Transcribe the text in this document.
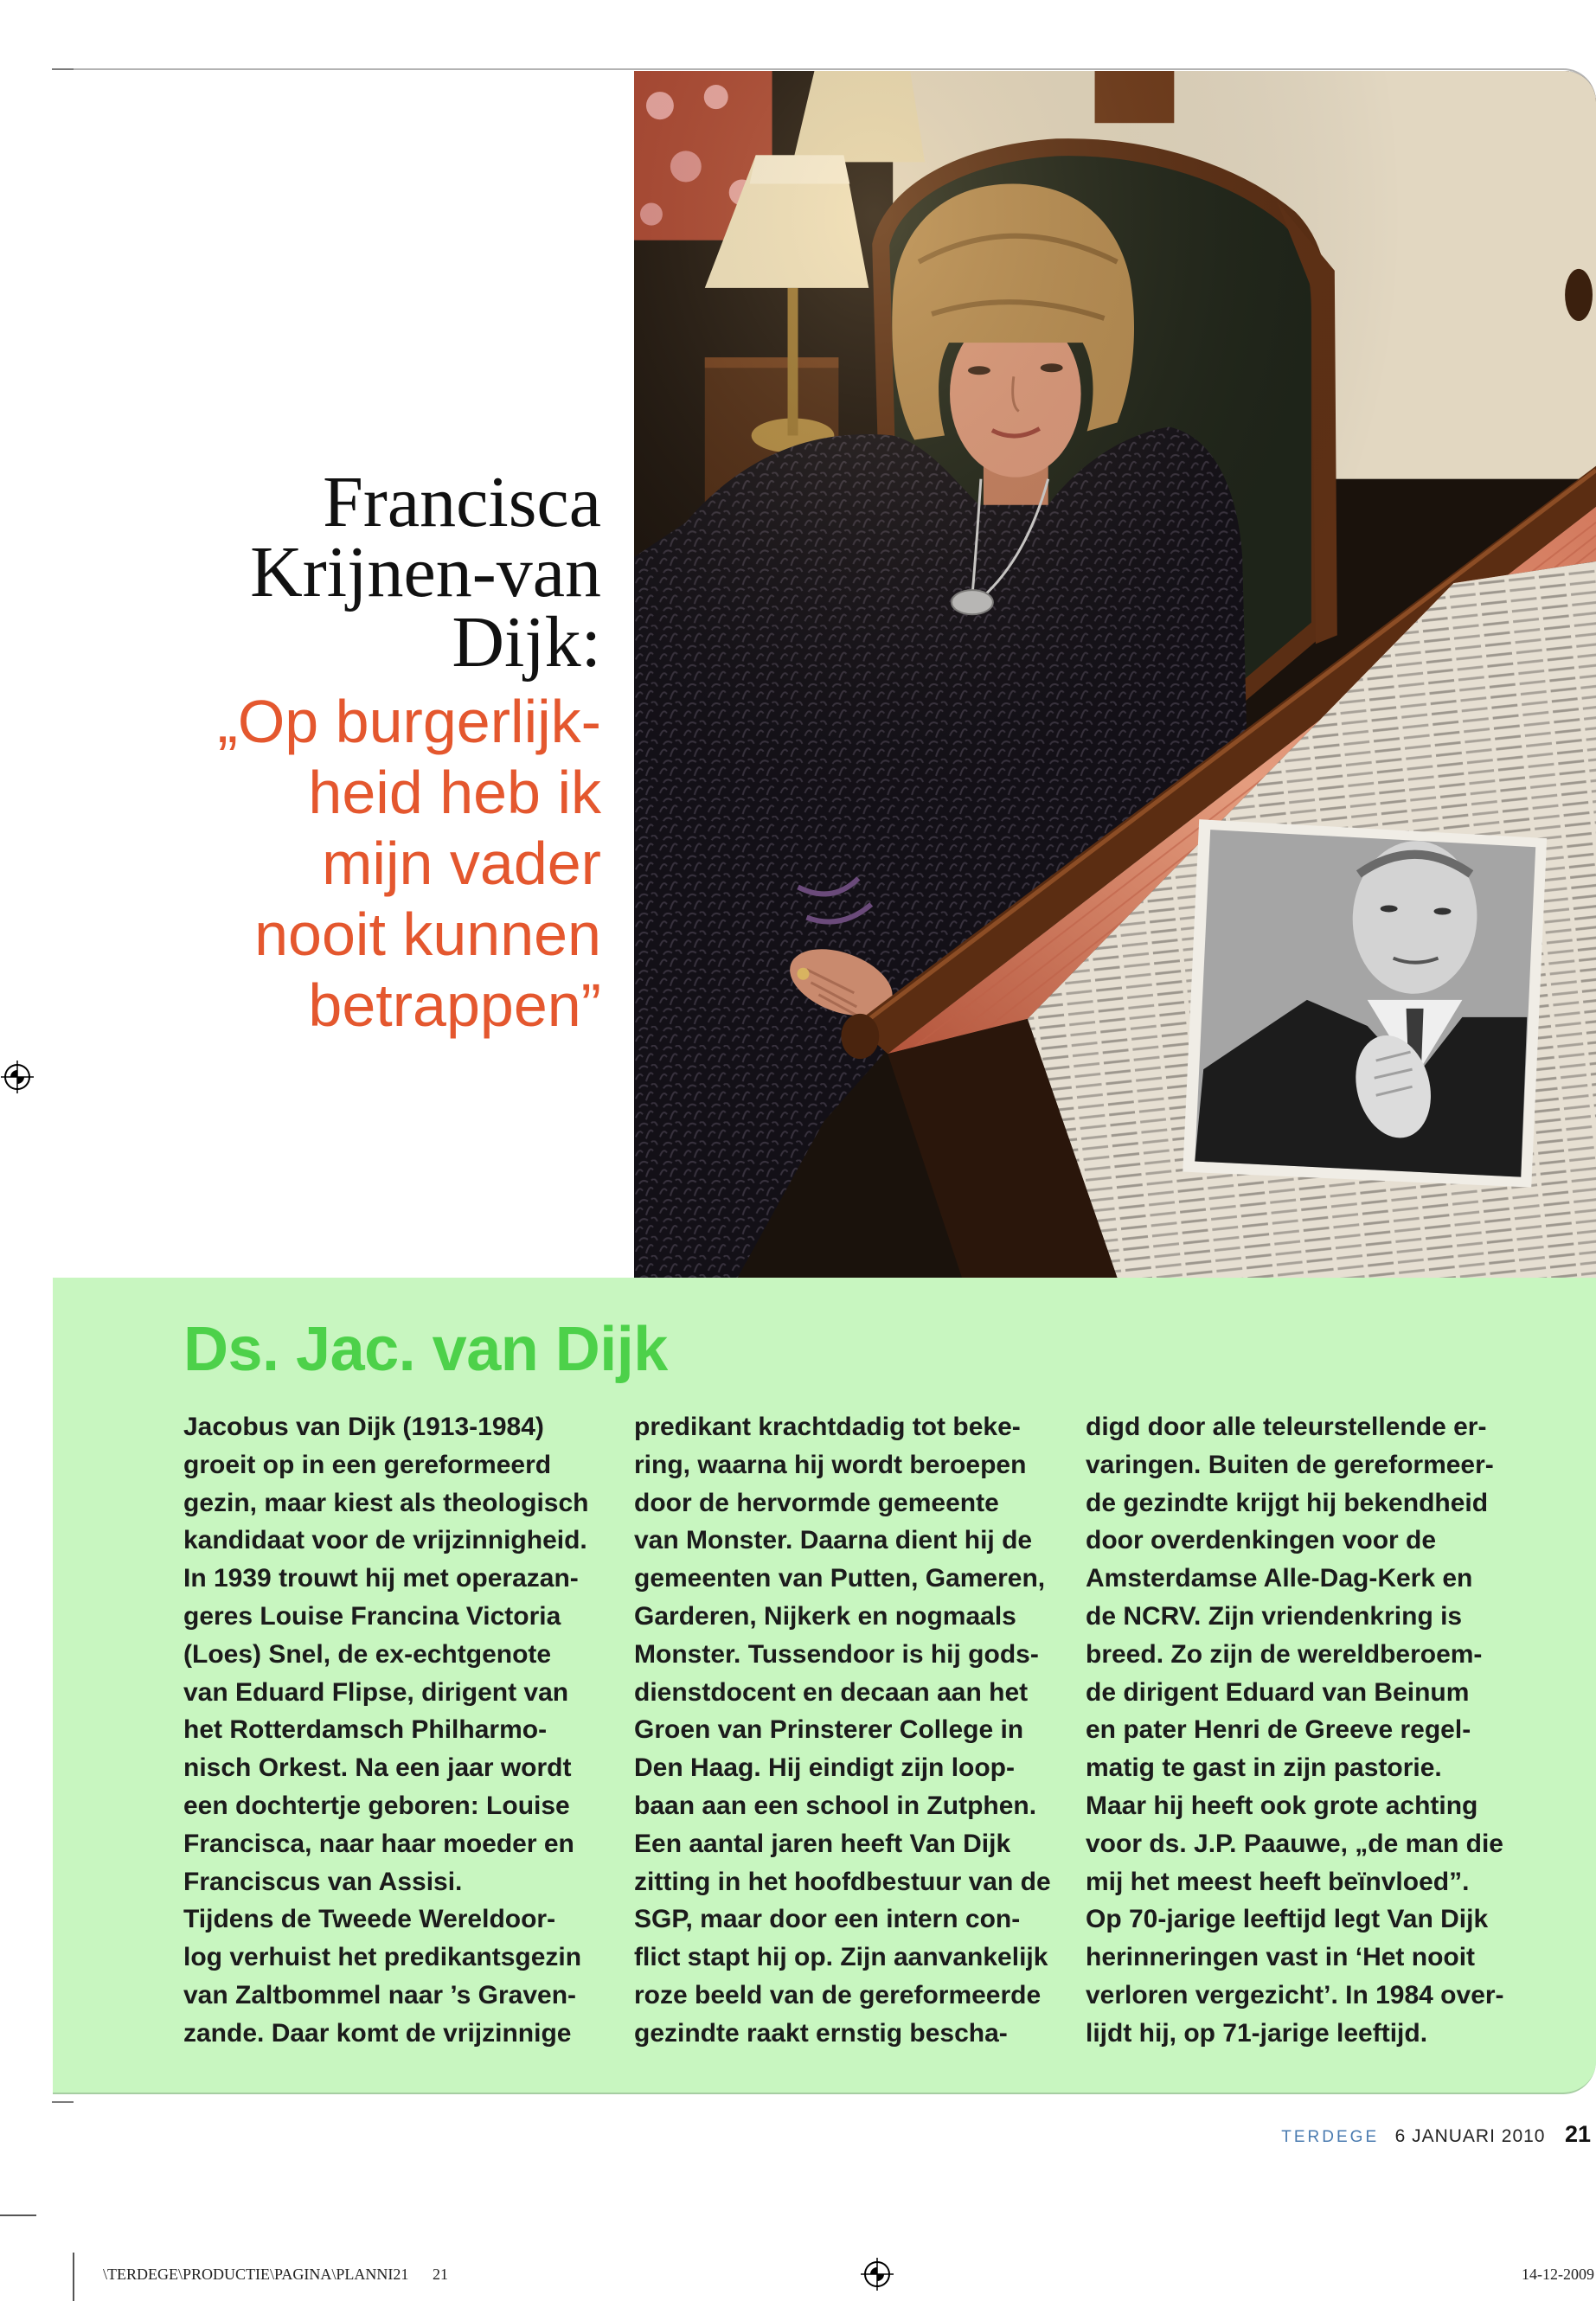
Francisca
Krijnen-van
Dijk:
„Op burgerlijk-
heid heb ik
mijn vader
nooit kunnen
betrappen”
Ds. Jac. van Dijk
Jacobus van Dijk (1913-1984)
groeit op in een gereformeerd
gezin, maar kiest als theologisch
kandidaat voor de vrijzinnigheid.
In 1939 trouwt hij met operazan-
geres Louise Francina Victoria
(Loes) Snel, de ex-echtgenote
van Eduard Flipse, dirigent van
het Rotterdamsch Philharmo-
nisch Orkest. Na een jaar wordt
een dochtertje geboren: Louise
Francisca, naar haar moeder en
Franciscus van Assisi.
Tijdens de Tweede Wereldoor-
log verhuist het predikantsgezin
van Zaltbommel naar ’s Graven-
zande. Daar komt de vrijzinnige
predikant krachtdadig tot beke-
ring, waarna hij wordt beroepen
door de hervormde gemeente
van Monster. Daarna dient hij de
gemeenten van Putten, Gameren,
Garderen, Nijkerk en nogmaals
Monster. Tussendoor is hij gods-
dienstdocent en decaan aan het
Groen van Prinsterer College in
Den Haag. Hij eindigt zijn loop-
baan aan een school in Zutphen.
Een aantal jaren heeft Van Dijk
zitting in het hoofdbestuur van de
SGP, maar door een intern con-
flict stapt hij op. Zijn aanvankelijk
roze beeld van de gereformeerde
gezindte raakt ernstig bescha-
digd door alle teleurstellende er-
varingen. Buiten de gereformeer-
de gezindte krijgt hij bekendheid
door overdenkingen voor de
Amsterdamse Alle-Dag-Kerk en
de NCRV. Zijn vriendenkring is
breed. Zo zijn de wereldberoem-
de dirigent Eduard van Beinum
en pater Henri de Greeve regel-
matig te gast in zijn pastorie.
Maar hij heeft ook grote achting
voor ds. J.P. Paauwe, „de man die
mij het meest heeft beïnvloed”.
Op 70-jarige leeftijd legt Van Dijk
herinneringen vast in ‘Het nooit
verloren vergezicht’. In 1984 over-
lijdt hij, op 71-jarige leeftijd.
TERDEGE 6 JANUARI 2010 21
\TERDEGE\PRODUCTIE\PAGINA\PLANNI21 21	14-12-2009
